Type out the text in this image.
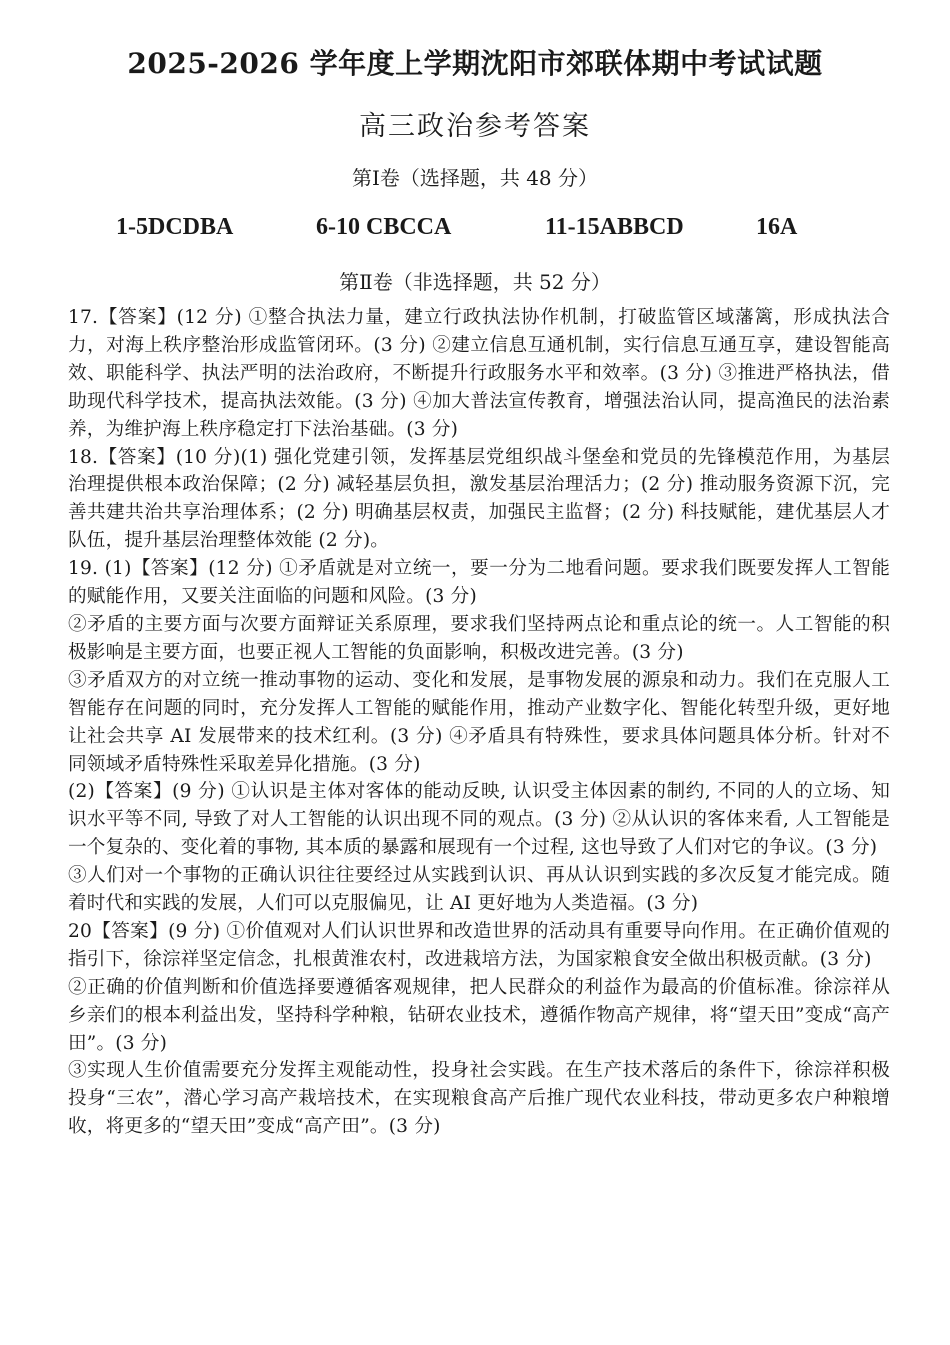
2025-2026 学年度上学期沈阳市郊联体期中考试试题
高三政治参考答案
第Ⅰ卷（选择题，共 48 分）
1-5DCDBA	6-10 CBCCA	11-15ABBCD	16A
第Ⅱ卷（非选择题，共 52 分）

17.【答案】(12 分) ①整合执法力量，建立行政执法协作机制，打破监管区域藩篱，形成执法合力，对海上秩序整治形成监管闭环。(3 分) ②建立信息互通机制，实行信息互通互享，建设智能高效、职能科学、执法严明的法治政府，不断提升行政服务水平和效率。(3 分) ③推进严格执法，借助现代科学技术，提高执法效能。(3 分) ④加大普法宣传教育，增强法治认同，提高渔民的法治素养，为维护海上秩序稳定打下法治基础。(3 分)

18.【答案】(10 分)(1) 强化党建引领，发挥基层党组织战斗堡垒和党员的先锋模范作用，为基层治理提供根本政治保障；(2 分) 减轻基层负担，激发基层治理活力；(2 分) 推动服务资源下沉，完善共建共治共享治理体系；(2 分) 明确基层权责，加强民主监督；(2 分) 科技赋能，建优基层人才队伍，提升基层治理整体效能 (2 分)。

19. (1)【答案】(12 分) ①矛盾就是对立统一，要一分为二地看问题。要求我们既要发挥人工智能的赋能作用，又要关注面临的问题和风险。(3 分)

②矛盾的主要方面与次要方面辩证关系原理，要求我们坚持两点论和重点论的统一。人工智能的积极影响是主要方面，也要正视人工智能的负面影响，积极改进完善。(3 分)

③矛盾双方的对立统一推动事物的运动、变化和发展，是事物发展的源泉和动力。我们在克服人工智能存在问题的同时，充分发挥人工智能的赋能作用，推动产业数字化、智能化转型升级，更好地让社会共享 AI 发展带来的技术红利。(3 分) ④矛盾具有特殊性，要求具体问题具体分析。针对不同领域矛盾特殊性采取差异化措施。(3 分)

(2)【答案】(9 分) ①认识是主体对客体的能动反映, 认识受主体因素的制约, 不同的人的立场、知识水平等不同, 导致了对人工智能的认识出现不同的观点。(3 分) ②从认识的客体来看, 人工智能是一个复杂的、变化着的事物, 其本质的暴露和展现有一个过程, 这也导致了人们对它的争议。(3 分)

③人们对一个事物的正确认识往往要经过从实践到认识、再从认识到实践的多次反复才能完成。随着时代和实践的发展，人们可以克服偏见，让 AI 更好地为人类造福。(3 分)

20【答案】(9 分) ①价值观对人们认识世界和改造世界的活动具有重要导向作用。在正确价值观的指引下，徐淙祥坚定信念，扎根黄淮农村，改进栽培方法，为国家粮食安全做出积极贡献。(3 分)

②正确的价值判断和价值选择要遵循客观规律，把人民群众的利益作为最高的价值标准。徐淙祥从乡亲们的根本利益出发，坚持科学种粮，钻研农业技术，遵循作物高产规律，将“望天田”变成“高产田”。(3 分)

③实现人生价值需要充分发挥主观能动性，投身社会实践。在生产技术落后的条件下，徐淙祥积极投身“三农”，潜心学习高产栽培技术，在实现粮食高产后推广现代农业科技，带动更多农户种粮增收，将更多的“望天田”变成“高产田”。(3 分)
